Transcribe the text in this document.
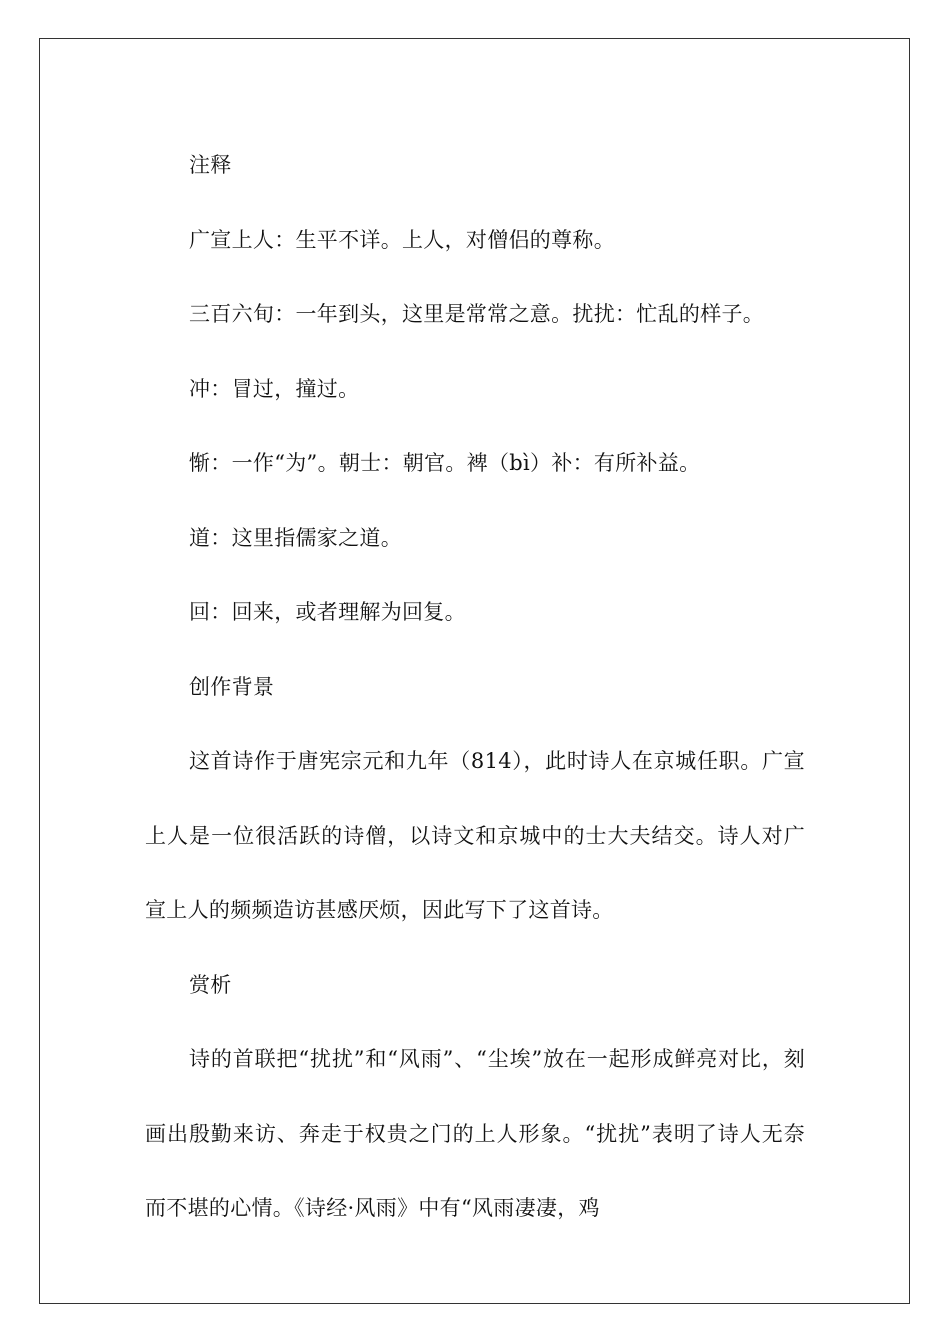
注释

广宣上人：生平不详。上人，对僧侣的尊称。

三百六旬：一年到头，这里是常常之意。扰扰：忙乱的样子。

冲：冒过，撞过。

惭：一作“为”。朝士：朝官。裨（bì）补：有所补益。

道：这里指儒家之道。

回：回来，或者理解为回复。

创作背景

这首诗作于唐宪宗元和九年（814），此时诗人在京城任职。广宣上人是一位很活跃的诗僧，以诗文和京城中的士大夫结交。诗人对广宣上人的频频造访甚感厌烦，因此写下了这首诗。

赏析

诗的首联把“扰扰”和“风雨”、“尘埃”放在一起形成鲜亮对比，刻画出殷勤来访、奔走于权贵之门的上人形象。“扰扰”表明了诗人无奈而不堪的心情。《诗经·风雨》中有“风雨凄凄，鸡
